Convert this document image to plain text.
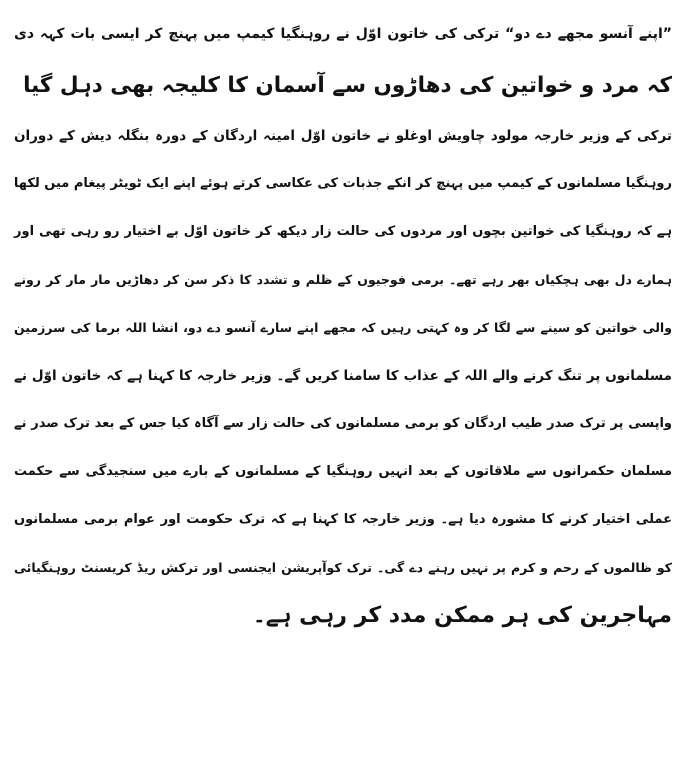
”اپنے آنسو مجھے دے دو“ ترکی کی خاتون اوّل نے روہنگیا کیمپ میں پہنچ کر ایسی بات کہہ دی
کہ مرد و خواتین کی دھاڑوں سے آسمان کا کلیجہ بھی دہل گیا
ترکی کے وزیر خارجہ مولود چاویش اوغلو نے خاتون اوّل امینہ اردگان کے دورہ بنگلہ دیش کے دوران
روہنگیا مسلمانوں کے کیمپ میں پہنچ کر انکے جذبات کی عکاسی کرتے ہوئے اپنے ایک ٹویٹر پیغام میں لکھا
ہے کہ روہنگیا کی خواتین بچوں اور مردوں کی حالت زار دیکھ کر خاتون اوّل بے اختیار رو رہی تھی اور
ہمارے دل بھی ہچکیاں بھر رہے تھے۔ برمی فوجیوں کے ظلم و تشدد کا ذکر سن کر دھاڑیں مار مار کر رونے
والی خواتین کو سینے سے لگا کر وہ کہتی رہیں کہ مجھے اپنے سارے آنسو دے دو، انشا اللہ برما کی سرزمین
مسلمانوں پر تنگ کرنے والے اللہ کے عذاب کا سامنا کریں گے۔ وزیر خارجہ کا کہنا ہے کہ خاتون اوّل نے
واپسی پر ترک صدر طیب اردگان کو برمی مسلمانوں کی حالت زار سے آگاہ کیا جس کے بعد ترک صدر نے
مسلمان حکمرانوں سے ملاقاتوں کے بعد انہیں روہنگیا کے مسلمانوں کے بارے میں سنجیدگی سے حکمت
عملی اختیار کرنے کا مشورہ دیا ہے۔ وزیر خارجہ کا کہنا ہے کہ ترک حکومت اور عوام برمی مسلمانوں
کو ظالموں کے رحم و کرم پر نہیں رہنے دے گی۔ ترک کوآپریشن ایجنسی اور ترکش ریڈ کریسنٹ روہنگیائی
مہاجرین کی ہر ممکن مدد کر رہی ہے۔
